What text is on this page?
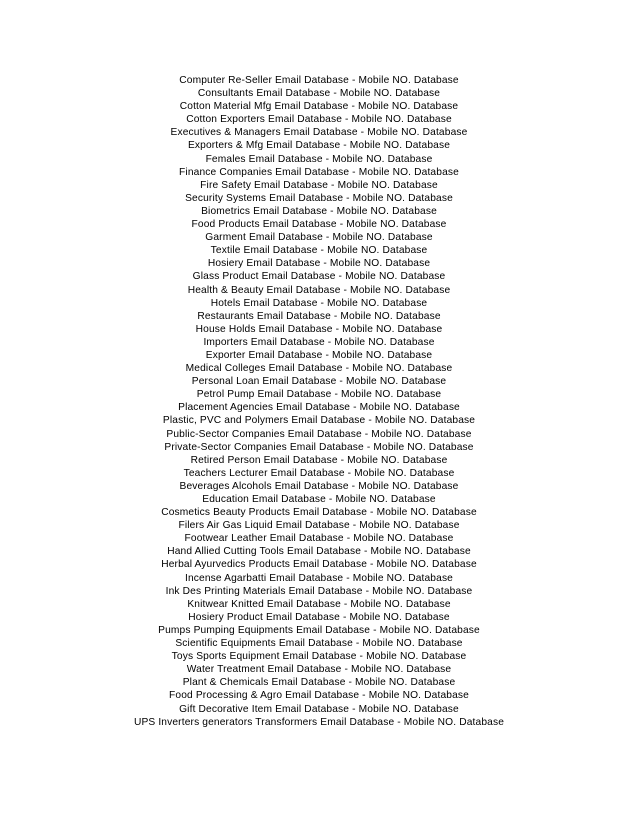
Computer Re-Seller Email Database - Mobile NO. Database
Consultants Email Database - Mobile NO. Database
Cotton Material Mfg Email Database - Mobile NO. Database
Cotton Exporters Email Database - Mobile NO. Database
Executives & Managers Email Database - Mobile NO. Database
Exporters & Mfg Email Database - Mobile NO. Database
Females Email Database - Mobile NO. Database
Finance Companies Email Database - Mobile NO. Database
Fire Safety Email Database - Mobile NO. Database
Security Systems Email Database - Mobile NO. Database
Biometrics Email Database - Mobile NO. Database
Food Products Email Database - Mobile NO. Database
Garment Email Database - Mobile NO. Database
Textile Email Database - Mobile NO. Database
Hosiery Email Database - Mobile NO. Database
Glass Product Email Database - Mobile NO. Database
Health & Beauty Email Database - Mobile NO. Database
Hotels Email Database - Mobile NO. Database
Restaurants Email Database - Mobile NO. Database
House Holds Email Database - Mobile NO. Database
Importers Email Database - Mobile NO. Database
Exporter Email Database - Mobile NO. Database
Medical Colleges Email Database - Mobile NO. Database
Personal Loan Email Database - Mobile NO. Database
Petrol Pump Email Database - Mobile NO. Database
Placement Agencies Email Database - Mobile NO. Database
Plastic, PVC and Polymers Email Database - Mobile NO. Database
Public-Sector Companies Email Database - Mobile NO. Database
Private-Sector Companies Email Database - Mobile NO. Database
Retired Person Email Database - Mobile NO. Database
Teachers Lecturer Email Database - Mobile NO. Database
Beverages Alcohols Email Database - Mobile NO. Database
Education Email Database - Mobile NO. Database
Cosmetics Beauty Products Email Database - Mobile NO. Database
Filers Air Gas Liquid Email Database - Mobile NO. Database
Footwear Leather Email Database - Mobile NO. Database
Hand Allied Cutting Tools Email Database - Mobile NO. Database
Herbal Ayurvedics Products Email Database - Mobile NO. Database
Incense Agarbatti Email Database - Mobile NO. Database
Ink Des Printing Materials Email Database - Mobile NO. Database
Knitwear Knitted Email Database - Mobile NO. Database
Hosiery Product Email Database - Mobile NO. Database
Pumps Pumping Equipments Email Database - Mobile NO. Database
Scientific Equipments Email Database - Mobile NO. Database
Toys Sports Equipment Email Database - Mobile NO. Database
Water Treatment Email Database - Mobile NO. Database
Plant & Chemicals Email Database - Mobile NO. Database
Food Processing & Agro Email Database - Mobile NO. Database
Gift Decorative Item Email Database - Mobile NO. Database
UPS Inverters generators Transformers Email Database - Mobile NO. Database
